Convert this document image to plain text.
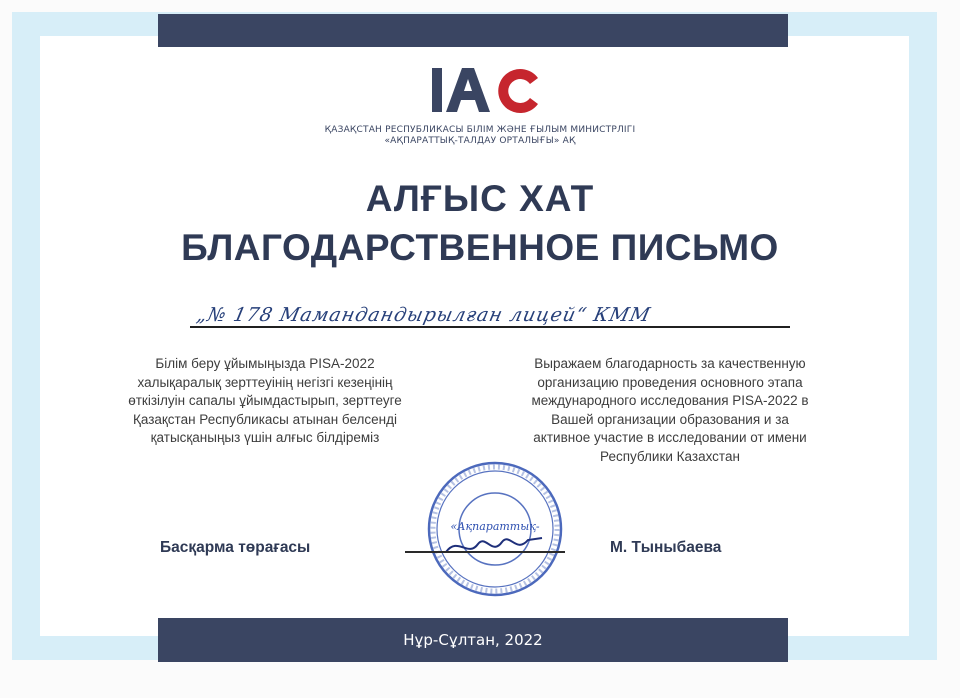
ҚАЗАҚСТАН РЕСПУБЛИКАСЫ БІЛІМ ЖӘНЕ ҒЫЛЫМ МИНИСТРЛІГІ
«АҚПАРАТТЫҚ-ТАЛДАУ ОРТАЛЫҒЫ» АҚ
АЛҒЫС ХАТ
БЛАГОДАРСТВЕННОЕ ПИСЬМО
„№ 178 Мамандандырылған лицей“ КММ
Білім беру ұйымыңызда PISA-2022
халықаралық зерттеуінің негізгі кезеңінің
өткізілуін сапалы ұйымдастырып, зерттеуге
Қазақстан Республикасы атынан белсенді
қатысқаныңыз үшін алғыс білдіреміз
Выражаем благодарность за качественную
организацию проведения основного этапа
международного исследования PISA-2022 в
Вашей организации образования и за
активное участие в исследовании от имени
Республики Казахстан
«Ақпараттық-
Басқарма төрағасы	М. Тыныбаева
Нұр-Сұлтан, 2022
